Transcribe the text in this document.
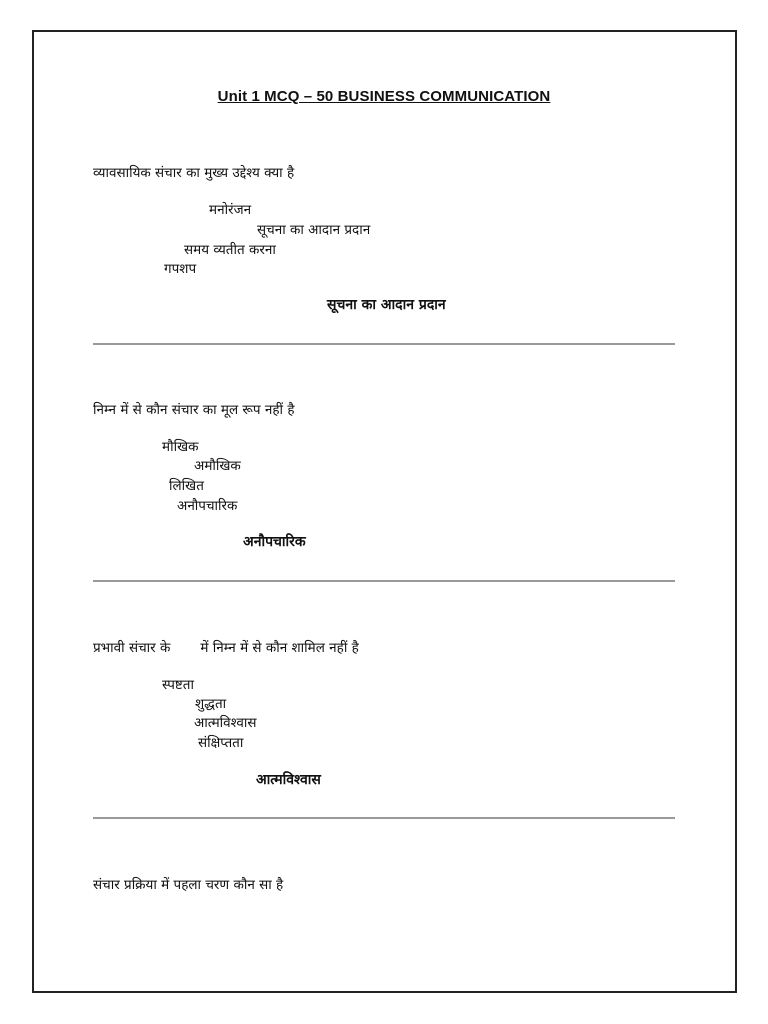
Unit 1 MCQ – 50 BUSINESS COMMUNICATION
व्यावसायिक संचार का मुख्य उद्देश्य क्या है
मनोरंजन
सूचना का आदान प्रदान
समय व्यतीत करना
गपशप
सूचना का आदान प्रदान
निम्न में से कौन संचार का मूल रूप नहीं है
मौखिक
अमौखिक
लिखित
अनौपचारिक
अनौपचारिक
प्रभावी संचार के       में निम्न में से कौन शामिल नहीं है
स्पष्टता
शुद्धता
आत्मविश्वास
संक्षिप्तता
आत्मविश्वास
संचार प्रक्रिया में पहला चरण कौन सा है
